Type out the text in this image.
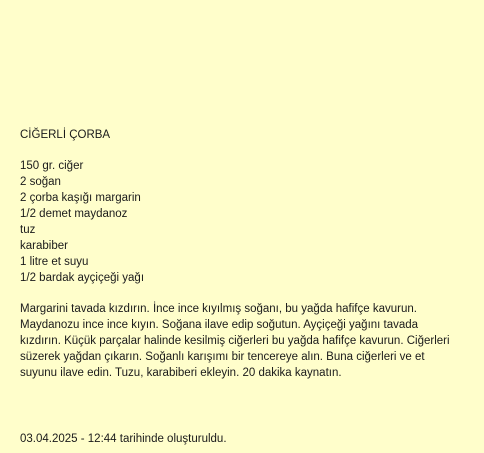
CİĞERLİ ÇORBA
150 gr. ciğer
2 soğan
2 çorba kaşığı margarin
1/2 demet maydanoz
tuz
karabiber
1 litre et suyu
1/2 bardak ayçiçeği yağı

Margarini tavada kızdırın. İnce ince kıyılmış soğanı, bu yağda hafifçe kavurun. Maydanozu ince ince kıyın. Soğana ilave edip soğutun. Ayçiçeği yağını tavada kızdırın. Küçük parçalar halinde kesilmiş ciğerleri bu yağda hafifçe kavurun. Ciğerleri süzerek yağdan çıkarın. Soğanlı karışımı bir tencereye alın. Buna ciğerleri ve et suyunu ilave edin. Tuzu, karabiberi ekleyin. 20 dakika kaynatın.

03.04.2025 - 12:44 tarihinde oluşturuldu.
